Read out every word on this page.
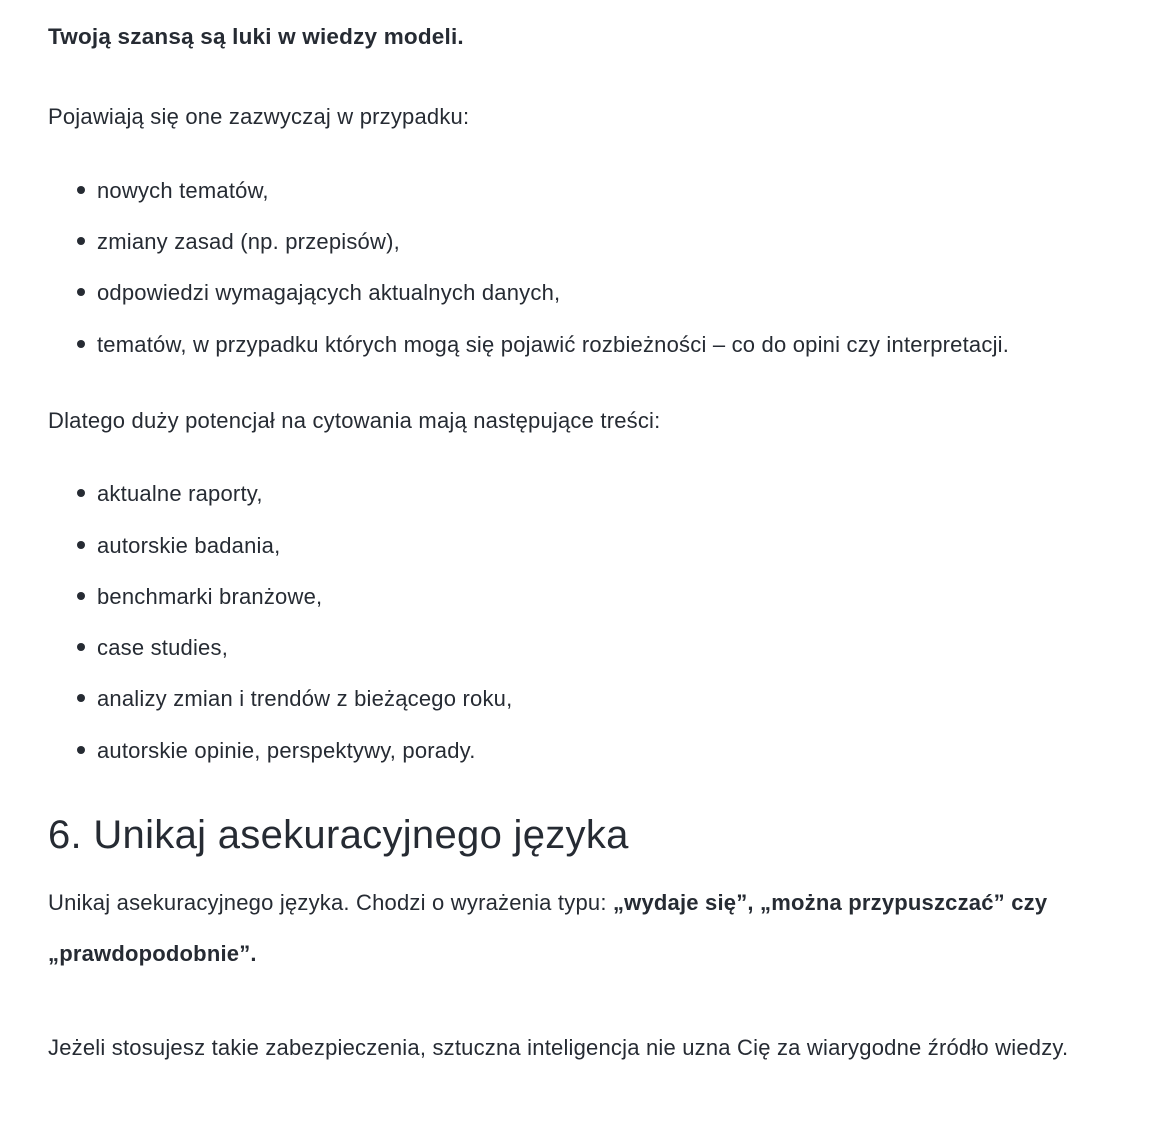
Twoją szansą są luki w wiedzy modeli.

Pojawiają się one zazwyczaj w przypadku:

nowych tematów,
zmiany zasad (np. przepisów),
odpowiedzi wymagających aktualnych danych,
tematów, w przypadku których mogą się pojawić rozbieżności – co do opini czy interpretacji.

Dlatego duży potencjał na cytowania mają następujące treści:

aktualne raporty,
autorskie badania,
benchmarki branżowe,
case studies,
analizy zmian i trendów z bieżącego roku,
autorskie opinie, perspektywy, porady.
6. Unikaj asekuracyjnego języka

Unikaj asekuracyjnego języka. Chodzi o wyrażenia typu: „wydaje się”, „można przypuszczać” czy „prawdopodobnie”.

Jeżeli stosujesz takie zabezpieczenia, sztuczna inteligencja nie uzna Cię za wiarygodne źródło wiedzy.
